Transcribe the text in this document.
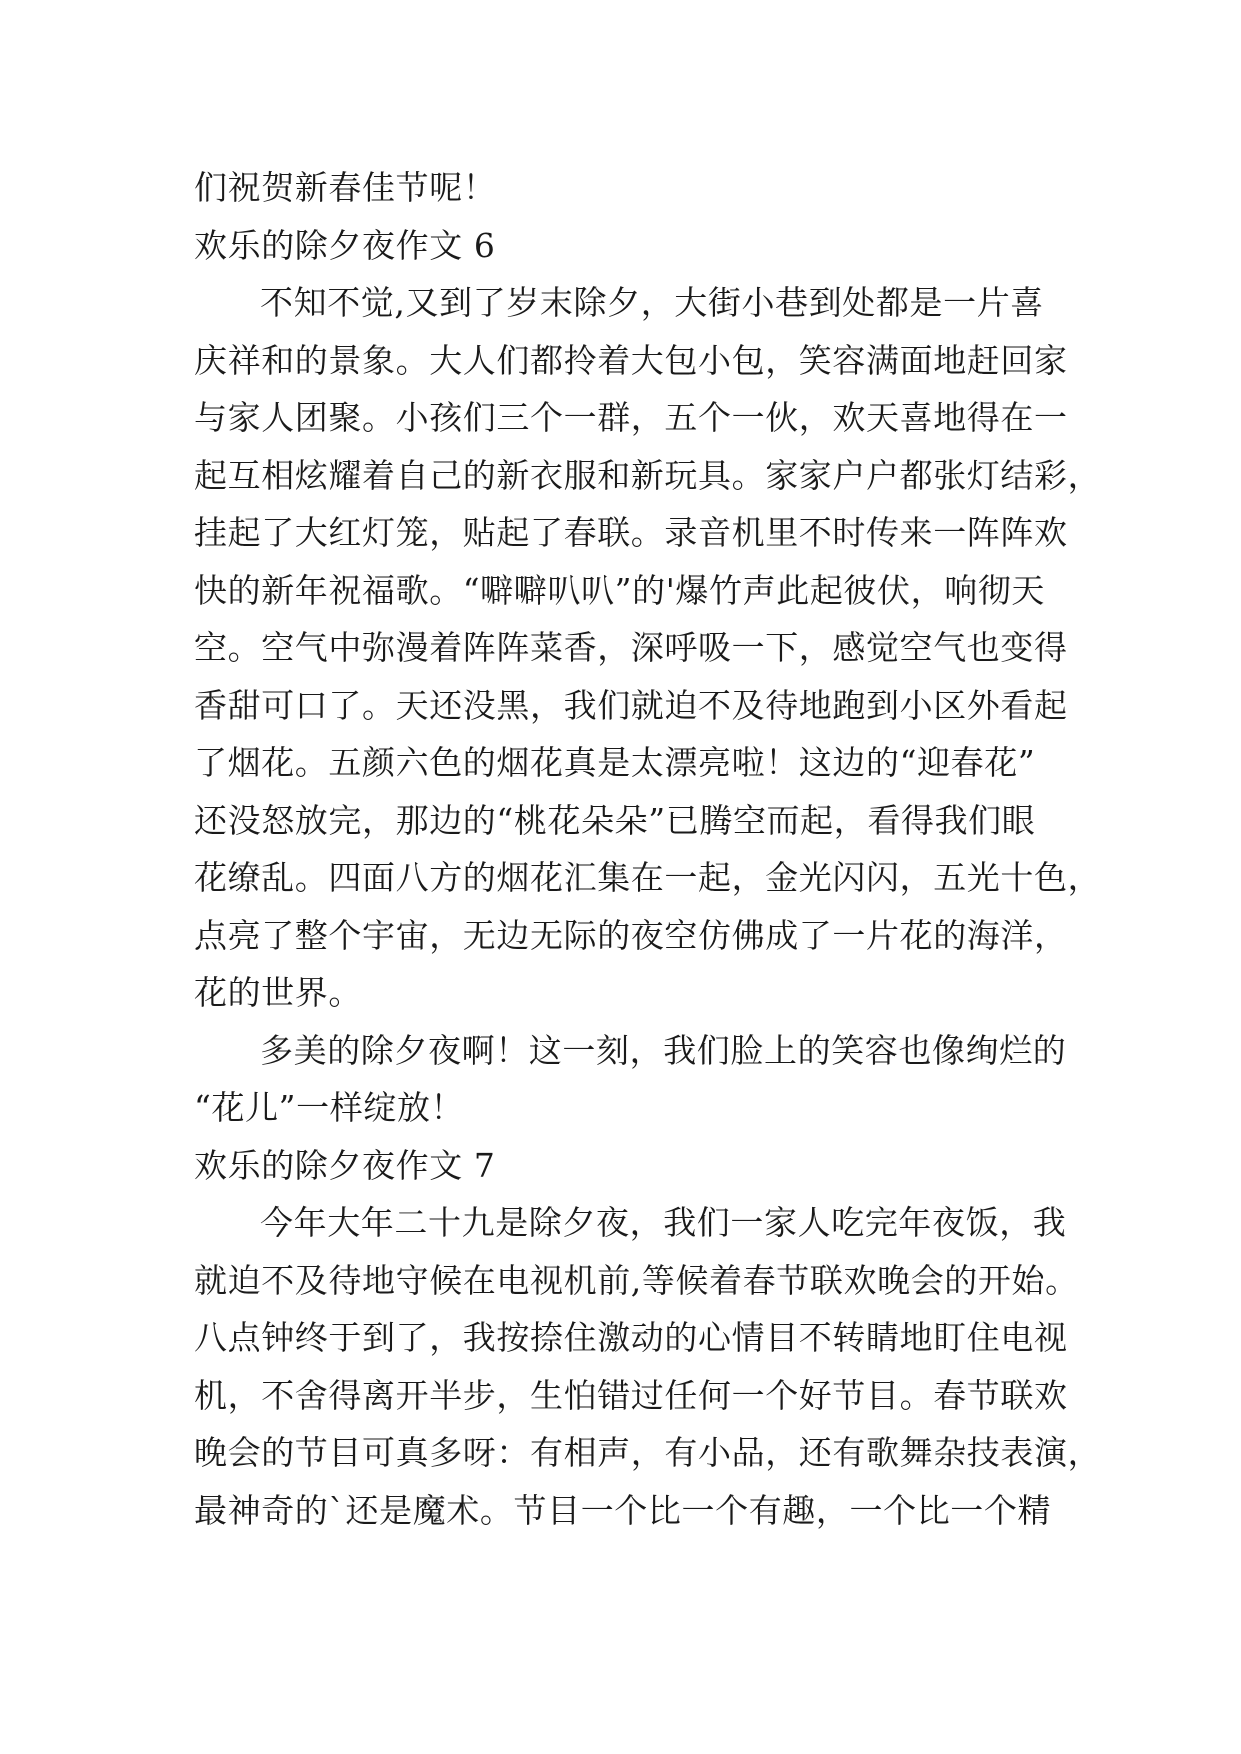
们祝贺新春佳节呢！
欢乐的除夕夜作文 6
不知不觉,又到了岁末除夕，大街小巷到处都是一片喜
庆祥和的景象。大人们都拎着大包小包，笑容满面地赶回家
与家人团聚。小孩们三个一群，五个一伙，欢天喜地得在一
起互相炫耀着自己的新衣服和新玩具。家家户户都张灯结彩，
挂起了大红灯笼，贴起了春联。录音机里不时传来一阵阵欢
快的新年祝福歌。“噼噼叭叭”的'爆竹声此起彼伏，响彻天
空。空气中弥漫着阵阵菜香，深呼吸一下，感觉空气也变得
香甜可口了。天还没黑，我们就迫不及待地跑到小区外看起
了烟花。五颜六色的烟花真是太漂亮啦！这边的“迎春花”
还没怒放完，那边的“桃花朵朵”已腾空而起，看得我们眼
花缭乱。四面八方的烟花汇集在一起，金光闪闪，五光十色，
点亮了整个宇宙，无边无际的夜空仿佛成了一片花的海洋，
花的世界。
多美的除夕夜啊！这一刻，我们脸上的笑容也像绚烂的
“花儿”一样绽放！
欢乐的除夕夜作文 7
今年大年二十九是除夕夜，我们一家人吃完年夜饭，我
就迫不及待地守候在电视机前,等候着春节联欢晚会的开始。
八点钟终于到了，我按捺住激动的心情目不转睛地盯住电视
机，不舍得离开半步，生怕错过任何一个好节目。春节联欢
晚会的节目可真多呀：有相声，有小品，还有歌舞杂技表演，
最神奇的`还是魔术。节目一个比一个有趣，一个比一个精
